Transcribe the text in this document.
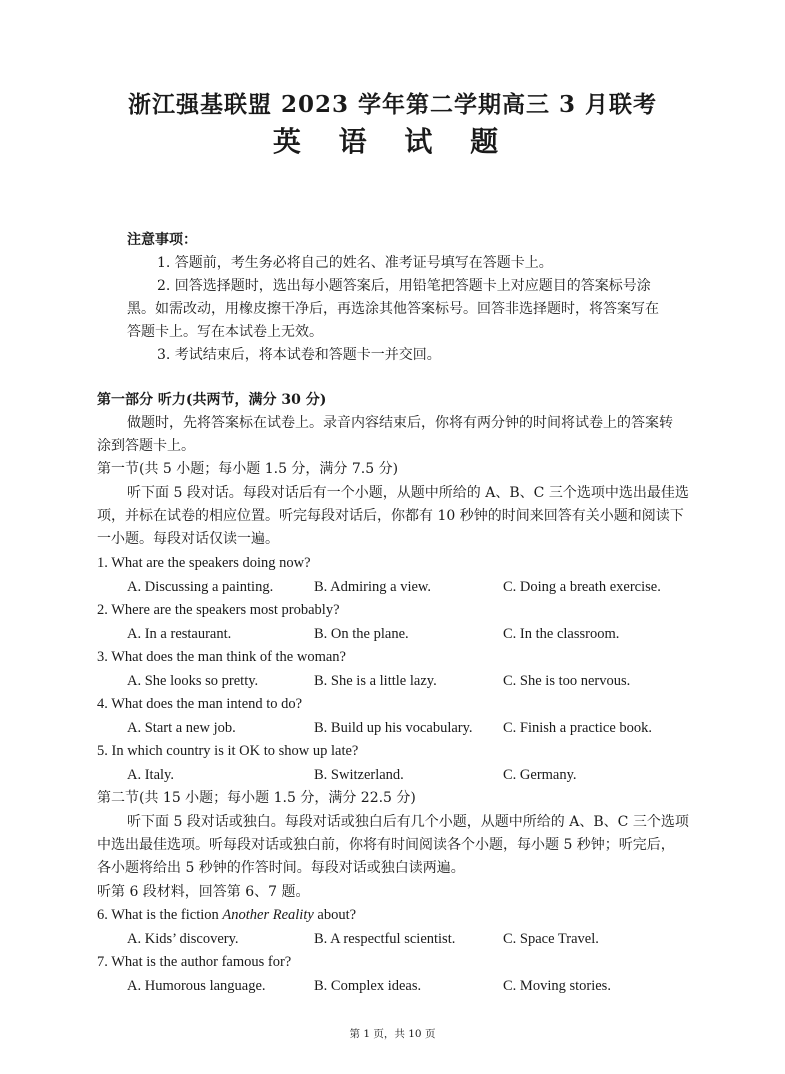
浙江强基联盟 2023 学年第二学期高三 3 月联考
英 语 试 题
注意事项：
1. 答题前，考生务必将自己的姓名、准考证号填写在答题卡上。
2. 回答选择题时，选出每小题答案后，用铅笔把答题卡上对应题目的答案标号涂
黑。如需改动，用橡皮擦干净后，再选涂其他答案标号。回答非选择题时，将答案写在
答题卡上。写在本试卷上无效。
3. 考试结束后，将本试卷和答题卡一并交回。
第一部分 听力(共两节，满分 30 分)
做题时，先将答案标在试卷上。录音内容结束后，你将有两分钟的时间将试卷上的答案转
涂到答题卡上。
第一节(共 5 小题；每小题 1.5 分，满分 7.5 分)
听下面 5 段对话。每段对话后有一个小题，从题中所给的 A、B、C 三个选项中选出最佳选
项，并标在试卷的相应位置。听完每段对话后，你都有 10 秒钟的时间来回答有关小题和阅读下
一小题。每段对话仅读一遍。
1. What are the speakers doing now?
A. Discussing a painting.	B. Admiring a view.	C. Doing a breath exercise.
2. Where are the speakers most probably?
A. In a restaurant.	B. On the plane.	C. In the classroom.
3. What does the man think of the woman?
A. She looks so pretty.	B. She is a little lazy.	C. She is too nervous.
4. What does the man intend to do?
A. Start a new job.	B. Build up his vocabulary. C. Finish a practice book.
5. In which country is it OK to show up late?
A. Italy.	B. Switzerland.	C. Germany.
第二节(共 15 小题；每小题 1.5 分，满分 22.5 分)
听下面 5 段对话或独白。每段对话或独白后有几个小题，从题中所给的 A、B、C 三个选项
中选出最佳选项。听每段对话或独白前，你将有时间阅读各个小题，每小题 5 秒钟；听完后，
各小题将给出 5 秒钟的作答时间。每段对话或独白读两遍。
听第 6 段材料，回答第 6、7 题。
6. What is the fiction Another Reality about?
A. Kids’ discovery.	B. A respectful scientist.	C. Space Travel.
7. What is the author famous for?
A. Humorous language.	B. Complex ideas.	C. Moving stories.
第 1 页，共 10 页
